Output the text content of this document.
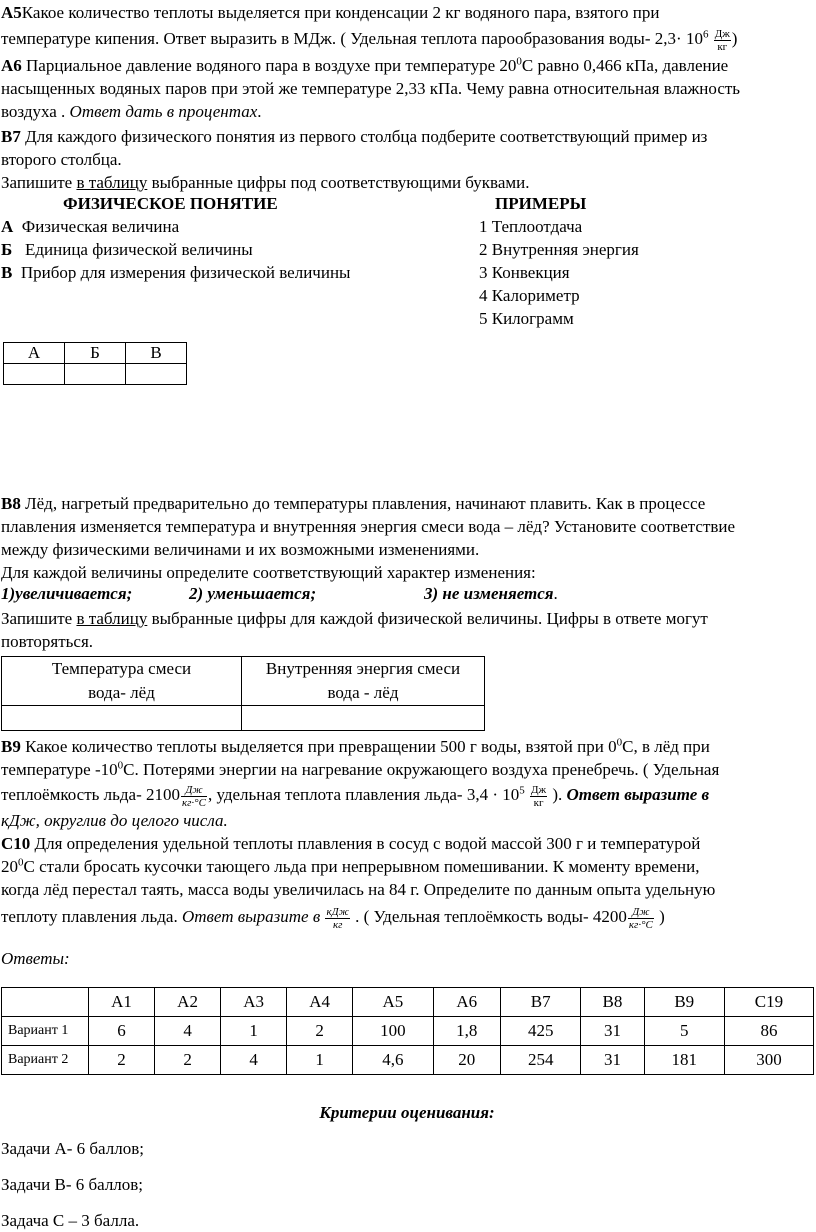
А5Какое количество теплоты выделяется при конденсации 2 кг водяного пара, взятого при

температуре кипения. Ответ выразить в МДж. ( Удельная теплота парообразования воды- $2,3\cdot 10^6 \frac{Дж}{кг}$ )

А6 Парциальное давление водяного пара в воздухе при температуре $20^0С$ равно 0,466 кПа, давление

насыщенных водяных паров при этой же температуре 2,33 кПа. Чему равна относительная влажность

воздуха . Ответ дать в процентах.

В7 Для каждого физического понятия из первого столбца подберите соответствующий пример из

второго столбца.

Запишите в таблицу выбранные цифры под соответствующими буквами.

ФИЗИЧЕСКОЕ ПОНЯТИЕ	ПРИМЕРЫ
А Физическая величина	1 Теплоотдача
Б Единица физической величины	2 Внутренняя энергия
В Прибор для измерения физической величины	3 Конвекция
4 Калориметр
5 Килограмм
А	Б	В

В8 Лёд, нагретый предварительно до температуры плавления, начинают плавить. Как в процессе

плавления изменяется температура и внутренняя энергия смеси вода – лёд? Установите соответствие

между физическими величинами и их возможными изменениями.

Для каждой величины определите соответствующий характер изменения:

1)увеличивается;	2) уменьшается;	3) не изменяется.

Запишите в таблицу выбранные цифры для каждой физической величины. Цифры в ответе могут

повторяться.

Температура смеси
вода- лёд	Внутренняя энергия смеси
вода - лёд

В9 Какое количество теплоты выделяется при превращении 500 г воды, взятой при $0^0С$, в лёд при

температуре $-10^0С$. Потерями энергии на нагревание окружающего воздуха пренебречь. ( Удельная

теплоёмкость льда- $2100 \frac{Дж}{кг\cdot^\circ С}$ , удельная теплота плавления льда- $3,4 \cdot 10^5 \frac{Дж}{кг}$ ). Ответ выразите в

кДж, округлив до целого числа.

С10 Для определения удельной теплоты плавления в сосуд с водой массой 300 г и температурой

$20^0С$ стали бросать кусочки тающего льда при непрерывном помешивании. К моменту времени,

когда лёд перестал таять, масса воды увеличилась на 84 г. Определите по данным опыта удельную

теплоту плавления льда. Ответ выразите в $\frac{\text{кДж}}{кг}$ . ( Удельная теплоёмкость воды- $4200 \frac{Дж}{кг\cdot^\circ С}$ )

Ответы:

	А1	А2	А3	А4	А5	А6	В7	В8	В9	С19
Вариант 1	6	4	1	2	100	1,8	425	31	5	86
Вариант 2	2	2	4	1	4,6	20	254	31	181	300

Критерии оценивания:

Задачи А- 6 баллов;

Задачи В- 6 баллов;

Задача С – 3 балла.
